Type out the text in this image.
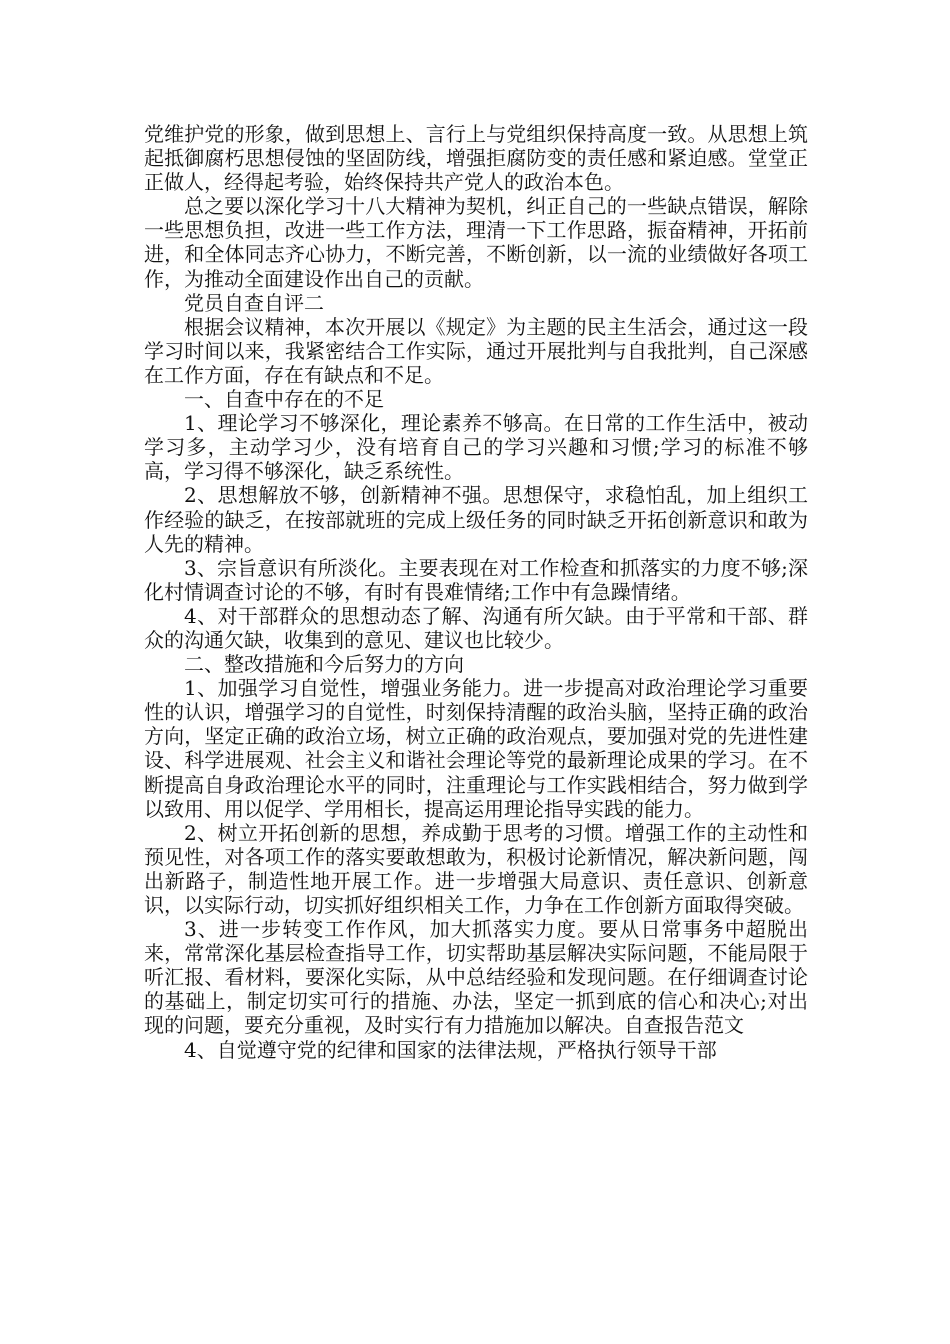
党维护党的形象，做到思想上、言行上与党组织保持高度一致。从思想上筑起抵御腐朽思想侵蚀的坚固防线，增强拒腐防变的责任感和紧迫感。堂堂正正做人，经得起考验，始终保持共产党人的政治本色。

总之要以深化学习十八大精神为契机，纠正自己的一些缺点错误，解除一些思想负担，改进一些工作方法，理清一下工作思路，振奋精神，开拓前进，和全体同志齐心协力，不断完善，不断创新，以一流的业绩做好各项工作，为推动全面建设作出自己的贡献。

党员自查自评二

根据会议精神，本次开展以《规定》为主题的民主生活会，通过这一段学习时间以来，我紧密结合工作实际，通过开展批判与自我批判，自己深感在工作方面，存在有缺点和不足。

一、自查中存在的不足

1、理论学习不够深化，理论素养不够高。在日常的工作生活中，被动学习多，主动学习少，没有培育自己的学习兴趣和习惯;学习的标准不够高，学习得不够深化，缺乏系统性。

2、思想解放不够，创新精神不强。思想保守，求稳怕乱，加上组织工作经验的缺乏，在按部就班的完成上级任务的同时缺乏开拓创新意识和敢为人先的精神。

3、宗旨意识有所淡化。主要表现在对工作检查和抓落实的力度不够;深化村情调查讨论的不够，有时有畏难情绪;工作中有急躁情绪。

4、对干部群众的思想动态了解、沟通有所欠缺。由于平常和干部、群众的沟通欠缺，收集到的意见、建议也比较少。

二、整改措施和今后努力的方向

1、加强学习自觉性，增强业务能力。进一步提高对政治理论学习重要性的认识，增强学习的自觉性，时刻保持清醒的政治头脑，坚持正确的政治方向，坚定正确的政治立场，树立正确的政治观点，要加强对党的先进性建设、科学进展观、社会主义和谐社会理论等党的最新理论成果的学习。在不断提高自身政治理论水平的同时，注重理论与工作实践相结合，努力做到学以致用、用以促学、学用相长，提高运用理论指导实践的能力。

2、树立开拓创新的思想，养成勤于思考的习惯。增强工作的主动性和预见性，对各项工作的落实要敢想敢为，积极讨论新情况，解决新问题，闯出新路子，制造性地开展工作。进一步增强大局意识、责任意识、创新意识，以实际行动，切实抓好组织相关工作，力争在工作创新方面取得突破。

3、进一步转变工作作风，加大抓落实力度。要从日常事务中超脱出来，常常深化基层检查指导工作，切实帮助基层解决实际问题，不能局限于听汇报、看材料，要深化实际，从中总结经验和发现问题。在仔细调查讨论的基础上，制定切实可行的措施、办法，坚定一抓到底的信心和决心;对出现的问题，要充分重视，及时实行有力措施加以解决。自查报告范文

4、自觉遵守党的纪律和国家的法律法规，严格执行领导干部
